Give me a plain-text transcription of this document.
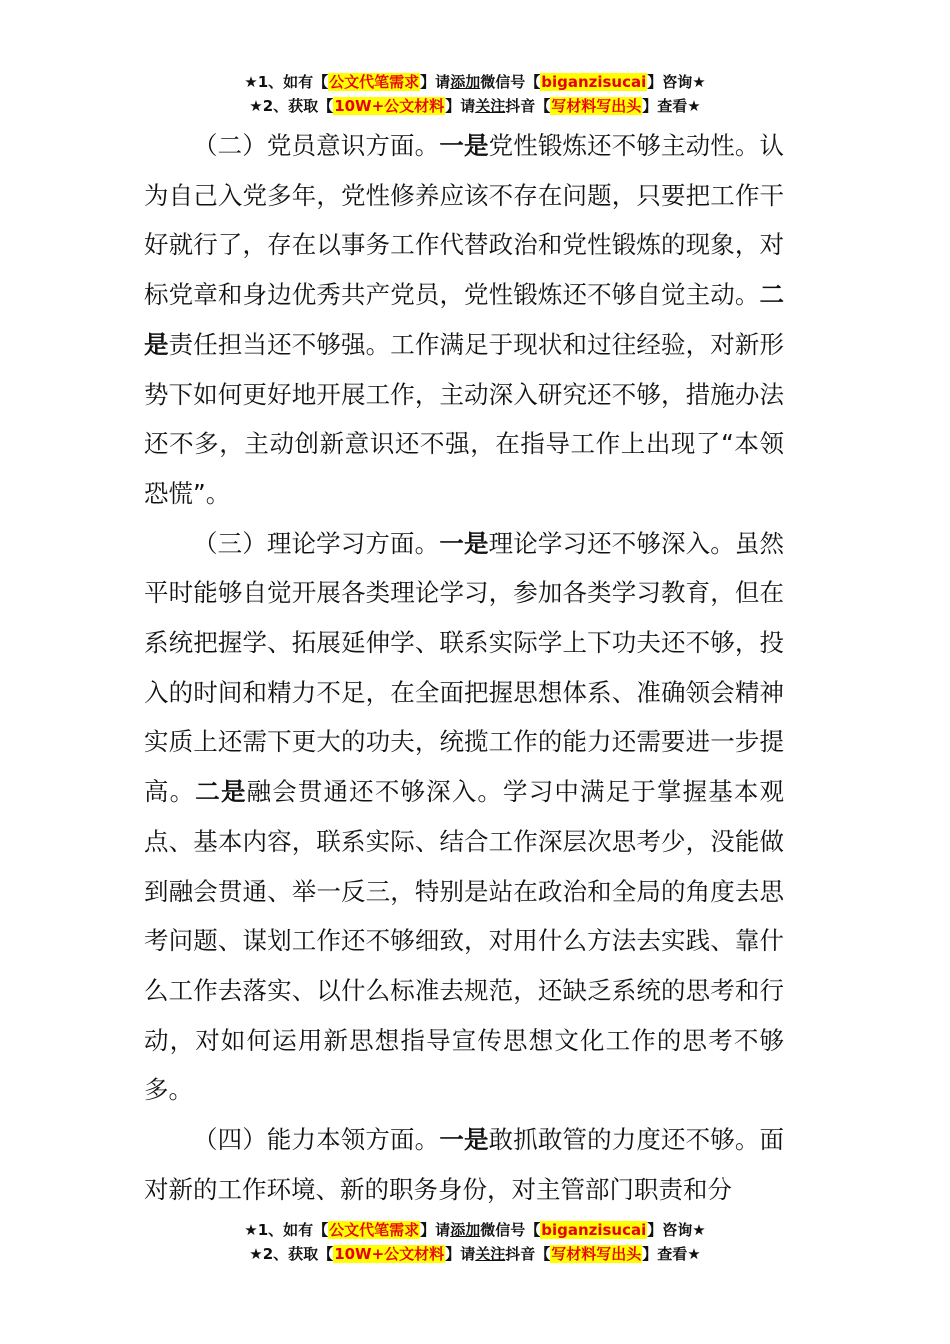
★1、如有【公文代笔需求】请添加微信号【biganzisucai】咨询★
★2、获取【10W+公文材料】请关注抖音【写材料写出头】查看★

（二）党员意识方面。一是党性锻炼还不够主动性。认为自己入党多年，党性修养应该不存在问题，只要把工作干好就行了，存在以事务工作代替政治和党性锻炼的现象，对标党章和身边优秀共产党员，党性锻炼还不够自觉主动。二是责任担当还不够强。工作满足于现状和过往经验，对新形势下如何更好地开展工作，主动深入研究还不够，措施办法还不多，主动创新意识还不强，在指导工作上出现了“本领恐慌”。

（三）理论学习方面。一是理论学习还不够深入。虽然平时能够自觉开展各类理论学习，参加各类学习教育，但在系统把握学、拓展延伸学、联系实际学上下功夫还不够，投入的时间和精力不足，在全面把握思想体系、准确领会精神实质上还需下更大的功夫，统揽工作的能力还需要进一步提高。二是融会贯通还不够深入。学习中满足于掌握基本观点、基本内容，联系实际、结合工作深层次思考少，没能做到融会贯通、举一反三，特别是站在政治和全局的角度去思考问题、谋划工作还不够细致，对用什么方法去实践、靠什么工作去落实、以什么标准去规范，还缺乏系统的思考和行动，对如何运用新思想指导宣传思想文化工作的思考不够多。

（四）能力本领方面。一是敢抓敢管的力度还不够。面对新的工作环境、新的职务身份，对主管部门职责和分

★1、如有【公文代笔需求】请添加微信号【biganzisucai】咨询★
★2、获取【10W+公文材料】请关注抖音【写材料写出头】查看★
